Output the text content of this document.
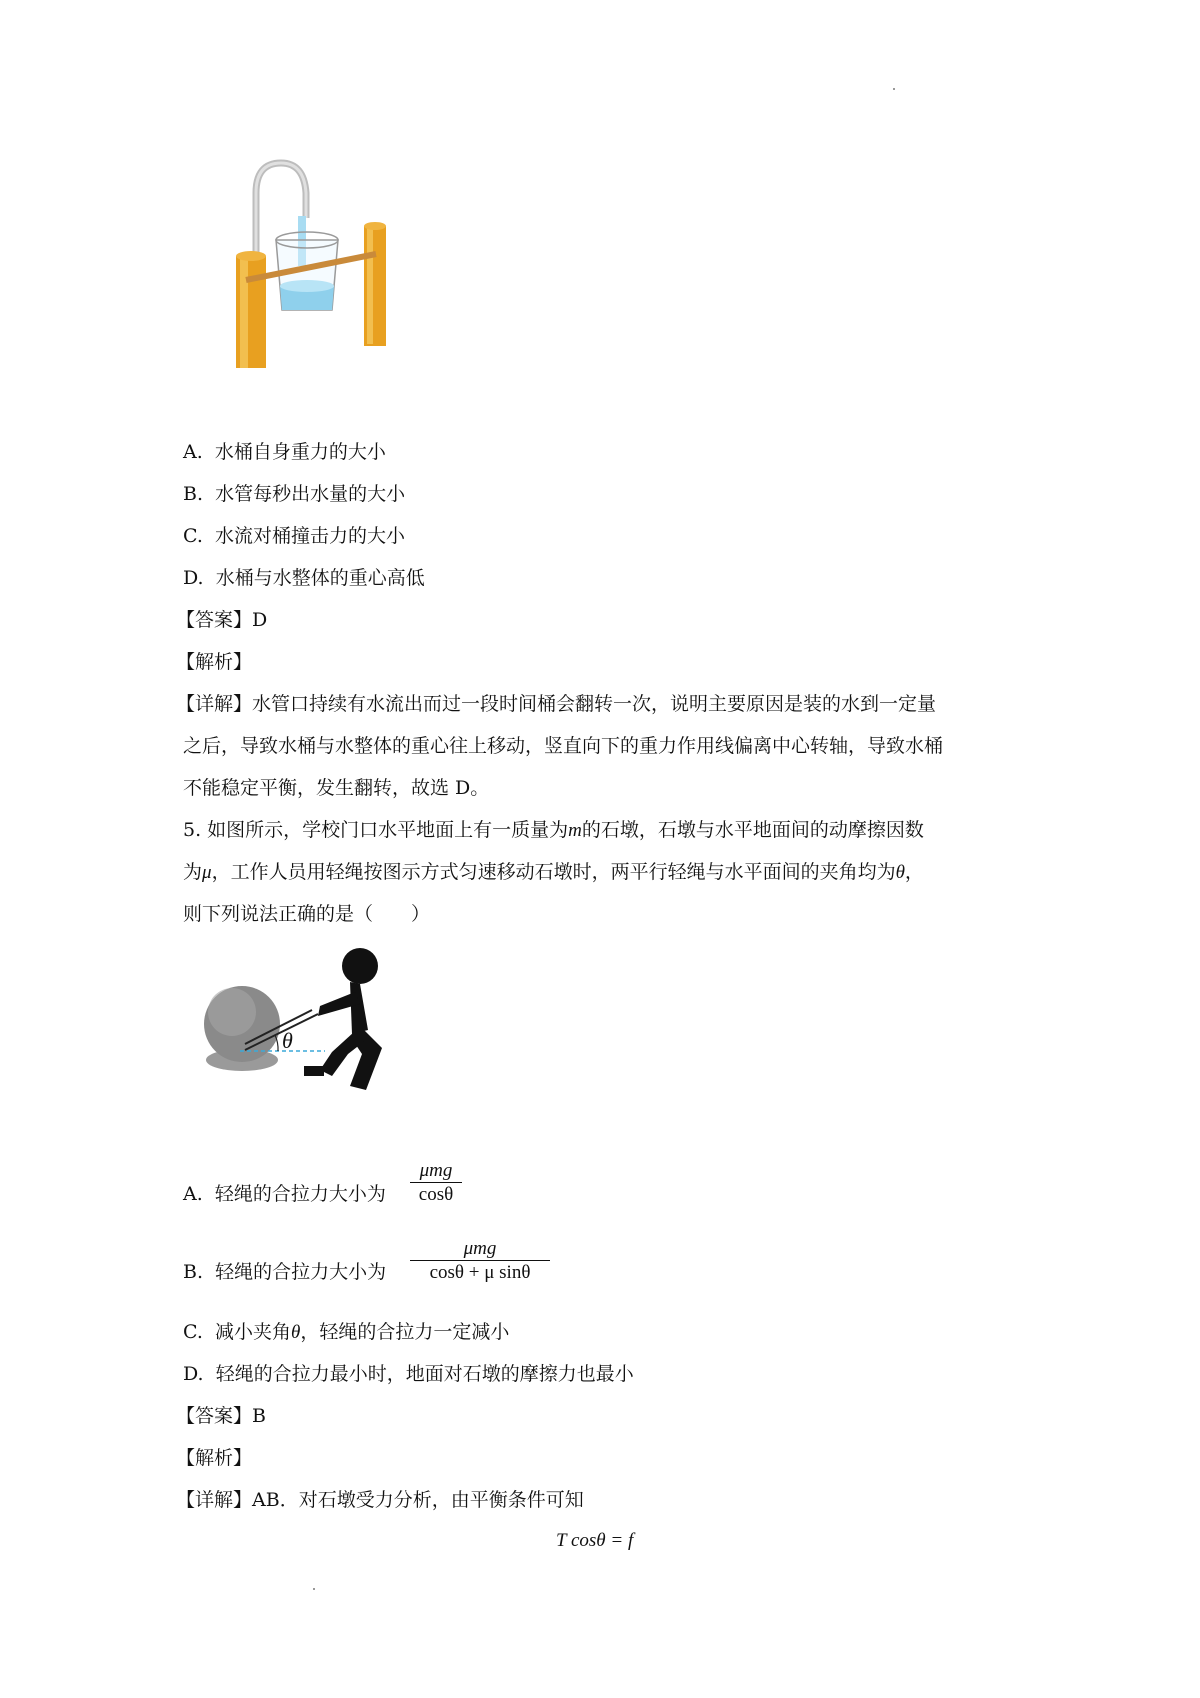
A. 水桶自身重力的大小
B. 水管每秒出水量的大小
C. 水流对桶撞击力的大小
D. 水桶与水整体的重心高低
【答案】D
【解析】
【详解】水管口持续有水流出而过一段时间桶会翻转一次，说明主要原因是装的水到一定量
之后，导致水桶与水整体的重心往上移动，竖直向下的重力作用线偏离中心转轴，导致水桶
不能稳定平衡，发生翻转，故选 D。
5. 如图所示，学校门口水平地面上有一质量为m的石墩，石墩与水平地面间的动摩擦因数
为μ，工作人员用轻绳按图示方式匀速移动石墩时，两平行轻绳与水平面间的夹角均为θ，
则下列说法正确的是（　　）
θ
A. 轻绳的合拉力大小为
μmg
cosθ
B. 轻绳的合拉力大小为
μmg
cosθ + μ sinθ
C. 减小夹角θ，轻绳的合拉力一定减小
D. 轻绳的合拉力最小时，地面对石墩的摩擦力也最小
【答案】B
【解析】
【详解】AB．对石墩受力分析，由平衡条件可知
T cosθ = f
